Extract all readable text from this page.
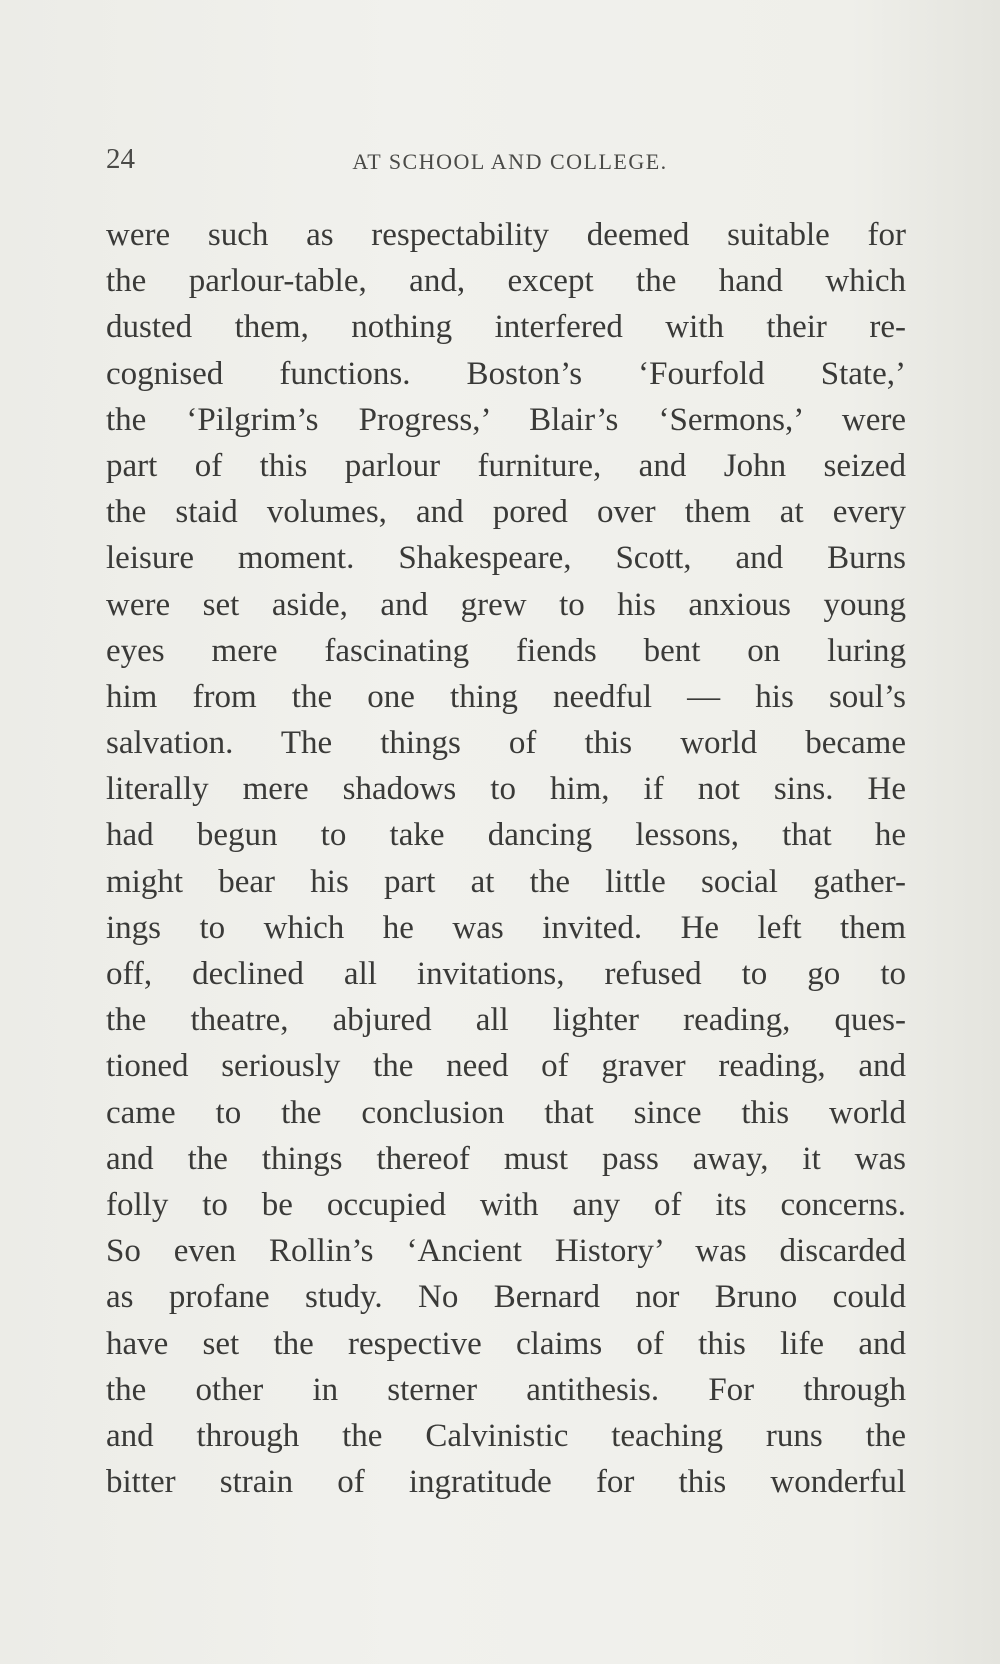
24	AT SCHOOL AND COLLEGE.
were such as respectability deemed suitable for
the parlour-table, and, except the hand which
dusted them, nothing interfered with their re-
cognised functions. Boston’s ‘Fourfold State,’
the ‘Pilgrim’s Progress,’ Blair’s ‘Sermons,’ were
part of this parlour furniture, and John seized
the staid volumes, and pored over them at every
leisure moment. Shakespeare, Scott, and Burns
were set aside, and grew to his anxious young
eyes mere fascinating fiends bent on luring
him from the one thing needful — his soul’s
salvation. The things of this world became
literally mere shadows to him, if not sins. He
had begun to take dancing lessons, that he
might bear his part at the little social gather-
ings to which he was invited. He left them
off, declined all invitations, refused to go to
the theatre, abjured all lighter reading, ques-
tioned seriously the need of graver reading, and
came to the conclusion that since this world
and the things thereof must pass away, it was
folly to be occupied with any of its concerns.
So even Rollin’s ‘Ancient History’ was discarded
as profane study. No Bernard nor Bruno could
have set the respective claims of this life and
the other in sterner antithesis. For through
and through the Calvinistic teaching runs the
bitter strain of ingratitude for this wonderful
